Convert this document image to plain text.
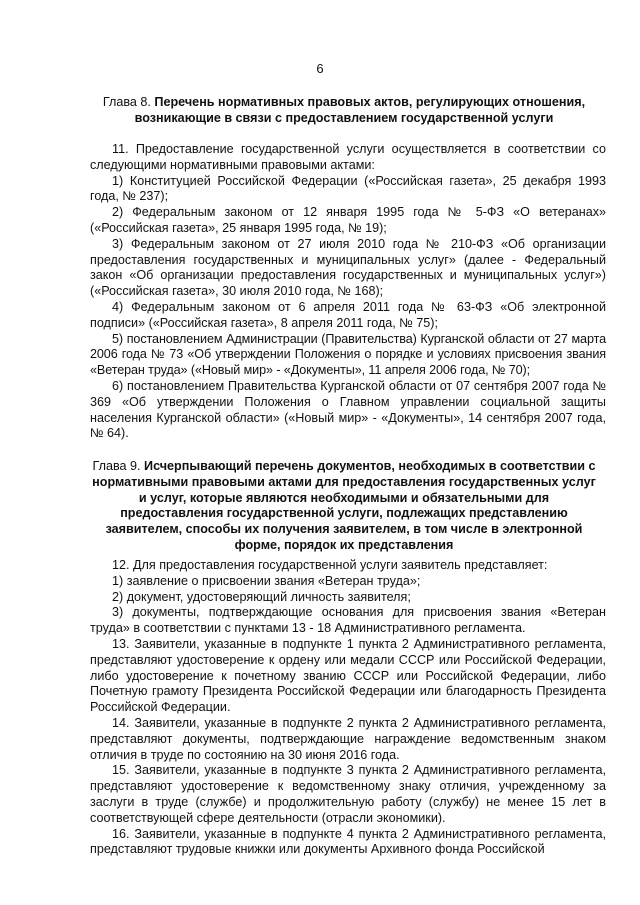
6
Глава 8. Перечень нормативных правовых актов, регулирующих отношения,
возникающие в связи с предоставлением государственной услуги

11. Предоставление государственной услуги осуществляется в соответствии со следующими нормативными правовыми актами:

1) Конституцией Российской Федерации («Российская газета», 25 декабря 1993 года, № 237);

2) Федеральным законом от 12 января 1995 года № 5-ФЗ «О ветеранах» («Российская газета», 25 января 1995 года, № 19);

3) Федеральным законом от 27 июля 2010 года № 210-ФЗ «Об организации предоставления государственных и муниципальных услуг» (далее - Федеральный закон «Об организации предоставления государственных и муниципальных услуг») («Российская газета», 30 июля 2010 года, № 168);

4) Федеральным законом от 6 апреля 2011 года № 63-ФЗ «Об электронной подписи» («Российская газета», 8 апреля 2011 года, № 75);

5) постановлением Администрации (Правительства) Курганской области от 27 марта 2006 года № 73 «Об утверждении Положения о порядке и условиях присвоения звания «Ветеран труда» («Новый мир» - «Документы», 11 апреля 2006 года, № 70);

6) постановлением Правительства Курганской области от 07 сентября 2007 года № 369 «Об утверждении Положения о Главном управлении социальной защиты населения Курганской области» («Новый мир» - «Документы», 14 сентября 2007 года, № 64).

Глава 9. Исчерпывающий перечень документов, необходимых в соответствии с
нормативными правовыми актами для предоставления государственных услуг и услуг, которые являются необходимыми и обязательными для предоставления государственной услуги, подлежащих представлению заявителем, способы их получения заявителем, в том числе в электронной форме, порядок их представления

12. Для предоставления государственной услуги заявитель представляет:

1) заявление о присвоении звания «Ветеран труда»;

2) документ, удостоверяющий личность заявителя;

3) документы, подтверждающие основания для присвоения звания «Ветеран труда» в соответствии с пунктами 13 - 18 Административного регламента.

13. Заявители, указанные в подпункте 1 пункта 2 Административного регламента, представляют удостоверение к ордену или медали СССР или Российской Федерации, либо удостоверение к почетному званию СССР или Российской Федерации, либо Почетную грамоту Президента Российской Федерации или благодарность Президента Российской Федерации.

14. Заявители, указанные в подпункте 2 пункта 2 Административного регламента, представляют документы, подтверждающие награждение ведомственным знаком отличия в труде по состоянию на 30 июня 2016 года.

15. Заявители, указанные в подпункте 3 пункта 2 Административного регламента, представляют удостоверение к ведомственному знаку отличия, учрежденному за заслуги в труде (службе) и продолжительную работу (службу) не менее 15 лет в соответствующей сфере деятельности (отрасли экономики).

16. Заявители, указанные в подпункте 4 пункта 2 Административного регламента, представляют трудовые книжки или документы Архивного фонда Российской
